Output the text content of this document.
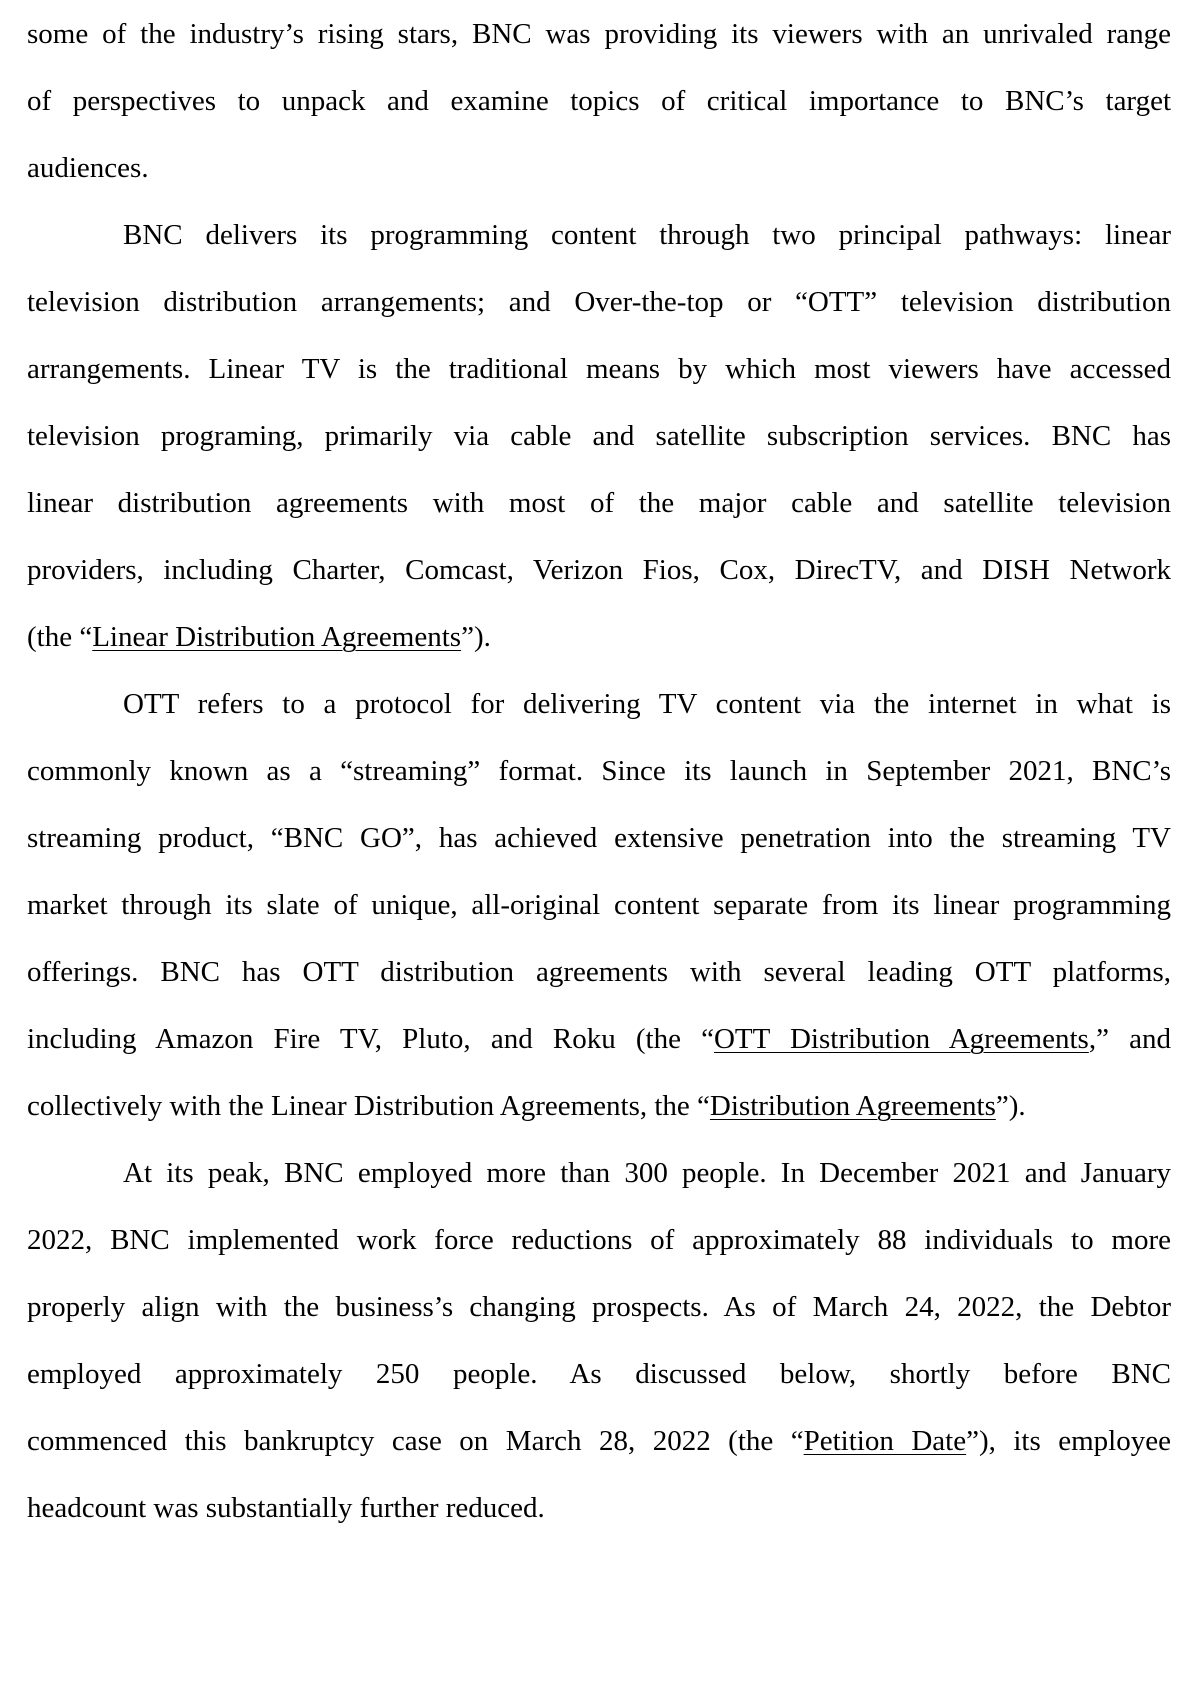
some of the industry’s rising stars, BNC was providing its viewers with an unrivaled range
of perspectives to unpack and examine topics of critical importance to BNC’s target
audiences.
BNC delivers its programming content through two principal pathways: linear
television distribution arrangements; and Over-the-top or “OTT” television distribution
arrangements. Linear TV is the traditional means by which most viewers have accessed
television programing, primarily via cable and satellite subscription services. BNC has
linear distribution agreements with most of the major cable and satellite television
providers, including Charter, Comcast, Verizon Fios, Cox, DirecTV, and DISH Network
(the “Linear Distribution Agreements”).
OTT refers to a protocol for delivering TV content via the internet in what is
commonly known as a “streaming” format. Since its launch in September 2021, BNC’s
streaming product, “BNC GO”, has achieved extensive penetration into the streaming TV
market through its slate of unique, all-original content separate from its linear programming
offerings. BNC has OTT distribution agreements with several leading OTT platforms,
including Amazon Fire TV, Pluto, and Roku (the “OTT Distribution Agreements,” and
collectively with the Linear Distribution Agreements, the “Distribution Agreements”).
At its peak, BNC employed more than 300 people. In December 2021 and January
2022, BNC implemented work force reductions of approximately 88 individuals to more
properly align with the business’s changing prospects. As of March 24, 2022, the Debtor
employed approximately 250 people. As discussed below, shortly before BNC
commenced this bankruptcy case on March 28, 2022 (the “Petition Date”), its employee
headcount was substantially further reduced.
